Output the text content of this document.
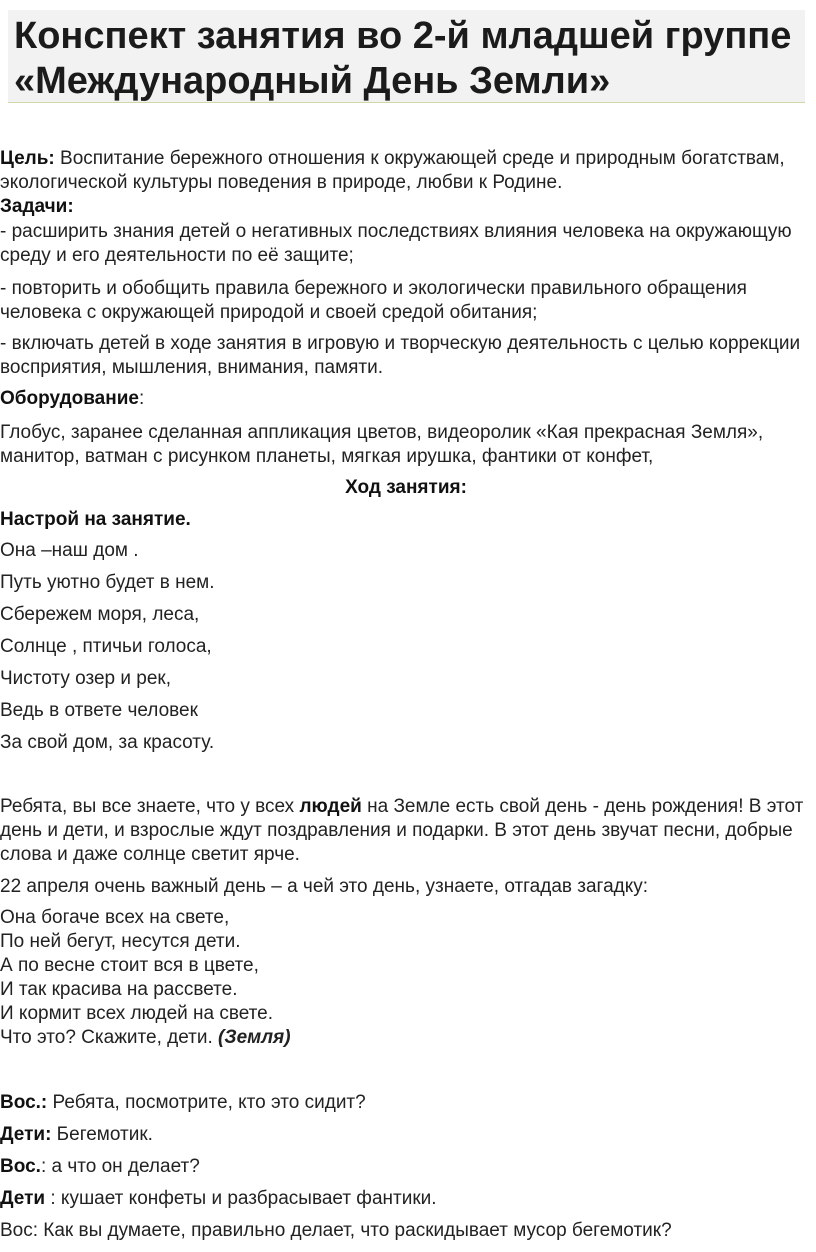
Конспект занятия во 2-й младшей группе «Международный День Земли»
Цель: Воспитание бережного отношения к окружающей среде и природным богатствам, экологической культуры поведения в природе, любви к Родине.
Задачи:
- расширить знания детей о негативных последствиях влияния человека на окружающую среду и его деятельности по её защите;
- повторить и обобщить правила бережного и экологически правильного обращения человека с окружающей природой и своей средой обитания;
- включать детей в ходе занятия в игровую и творческую деятельность с целью коррекции восприятия, мышления, внимания, памяти.
Оборудование:
Глобус, заранее сделанная аппликация цветов, видеоролик «Кая прекрасная Земля», манитор, ватман с рисунком планеты, мягкая ирушка, фантики от конфет,
Ход занятия:
Настрой на занятие.
Она –наш дом .
Путь уютно будет в нем.
Сбережем моря, леса,
Солнце , птичьи голоса,
Чистоту озер и рек,
Ведь в ответе человек
За свой дом, за красоту.
Ребята, вы все знаете, что у всех людей на Земле есть свой день - день рождения! В этот день и дети, и взрослые ждут поздравления и подарки. В этот день звучат песни, добрые слова и даже солнце светит ярче.
22 апреля очень важный день – а чей это день, узнаете, отгадав загадку:
Она богаче всех на свете,
По ней бегут, несутся дети.
А по весне стоит вся в цвете,
И так красива на рассвете.
И кормит всех людей на свете.
Что это? Скажите, дети. (Земля)
Вос.: Ребята, посмотрите, кто это сидит?
Дети: Бегемотик.
Вос.: а что он делает?
Дети : кушает конфеты и разбрасывает фантики.
Вос: Как вы думаете, правильно делает, что раскидывает мусор бегемотик?
